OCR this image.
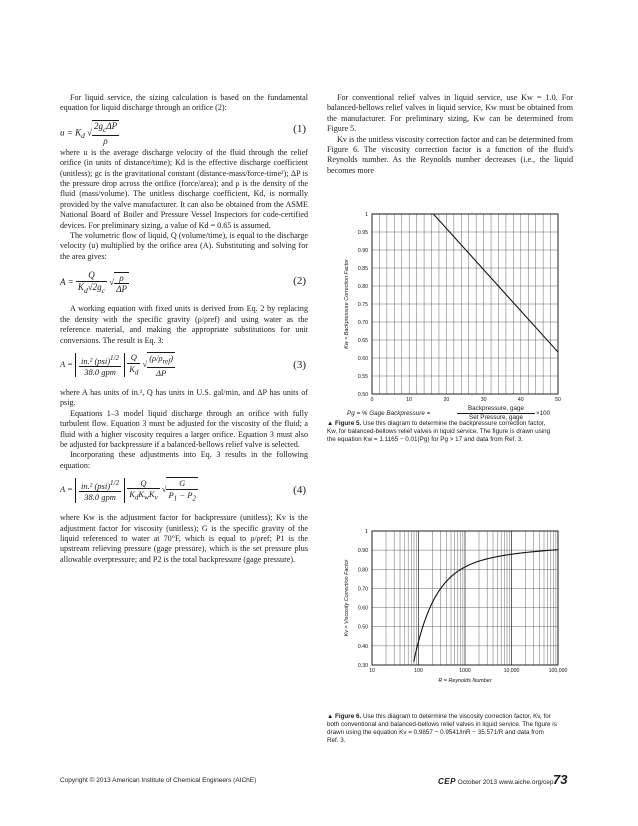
For liquid service, the sizing calculation is based on the fundamental equation for liquid discharge through an orifice (2):

$u = K_d$ √ $\frac{2g_c\Delta P}{\rho}$	(1)

where u is the average discharge velocity of the fluid through the relief orifice (in units of distance/time); Kd is the effective discharge coefficient (unitless); gc is the gravitational constant (distance-mass/force-time²); ΔP is the pressure drop across the orifice (force/area); and ρ is the density of the fluid (mass/volume). The unitless discharge coefficient, Kd, is normally provided by the valve manufacturer. It can also be obtained from the ASME National Board of Boiler and Pressure Vessel Inspectors for code-certified devices. For preliminary sizing, a value of Kd = 0.65 is assumed.

The volumetric flow of liquid, Q (volume/time), is equal to the discharge velocity (u) multiplied by the orifice area (A). Substituting and solving for the area gives:

$A = \frac{Q}{K_d√2g_c}$ √ $\frac{\rho}{\Delta P}$	(2)

A working equation with fixed units is derived from Eq. 2 by replacing the density with the specific gravity (ρ/ρref) and using water as the reference material, and making the appropriate substitutions for unit conversions. The result is Eq. 3:

$A = \frac{in.^2 (psi)^{1/2}}{\text{38.0 gpm}}$
$\frac{Q}{K_d}$ √ $\frac{(\rho/\rho_{ref})}{\Delta P}$	(3)

where A has units of in.², Q has units in U.S. gal/min, and ΔP has units of psig.

Equations 1–3 model liquid discharge through an orifice with fully turbulent flow. Equation 3 must be adjusted for the viscosity of the fluid; a fluid with a higher viscosity requires a larger orifice. Equation 3 must also be adjusted for backpressure if a balanced-bellows relief valve is selected.

Incorporating these adjustments into Eq. 3 results in the following equation:

$A = \frac{in.^2 (psi)^{1/2}}{\text{38.0 gpm}}$
$\frac{Q}{K_dK_wK_v}$ √ $\frac{G}{P_1 - P_2}$	(4)

where Kw is the adjustment factor for backpressure (unitless); Kv is the adjustment factor for viscosity (unitless); G is the specific gravity of the liquid referenced to water at 70°F, which is equal to ρ/ρref; P1 is the upstream relieving pressure (gage pressure), which is the set pressure plus allowable overpressure; and P2 is the total backpressure (gage pressure).

For conventional relief valves in liquid service, use Kw = 1.0. For balanced-bellows relief valves in liquid service, Kw must be obtained from the manufacturer. For preliminary sizing, Kw can be determined from Figure 5.

Kv is the unitless viscosity correction factor and can be determined from Figure 6. The viscosity correction factor is a function of the fluid's Reynolds number. As the Reynolds number decreases (i.e., the liquid becomes more

0.50
0.55
0.60
0.65
0.70
0.75
0.80
0.85
0.90
0.95
1
0	10	20	30	40	50
Kw = Backpressure Correction Factor
Pg = % Gage Backpressure =
Backpressure, gage
Set Pressure, gage
×100
▲ Figure 5. Use this diagram to determine the backpressure correction factor, Kw, for balanced-bellows relief valves in liquid service. The figure is drawn using the equation Kw = 1.1165 − 0.01(Pg) for Pg > 17 and data from Ref. 3.
0.30
0.40
0.50
0.60
0.70
0.80
0.90
1
10	100	1000	10,000	100,000
Kv = Viscosity Correction Factor
R = Reynolds Number
▲ Figure 6. Use this diagram to determine the viscosity correction factor, Kv, for both conventional and balanced-bellows relief valves in liquid service. The figure is drawn using the equation Kv = 0.9857 − 0.9541/lnR − 35.571/R and data from Ref. 3.
Copyright © 2013 American Institute of Chemical Engineers (AIChE)	CEP October 2013 www.aiche.org/cep 73
